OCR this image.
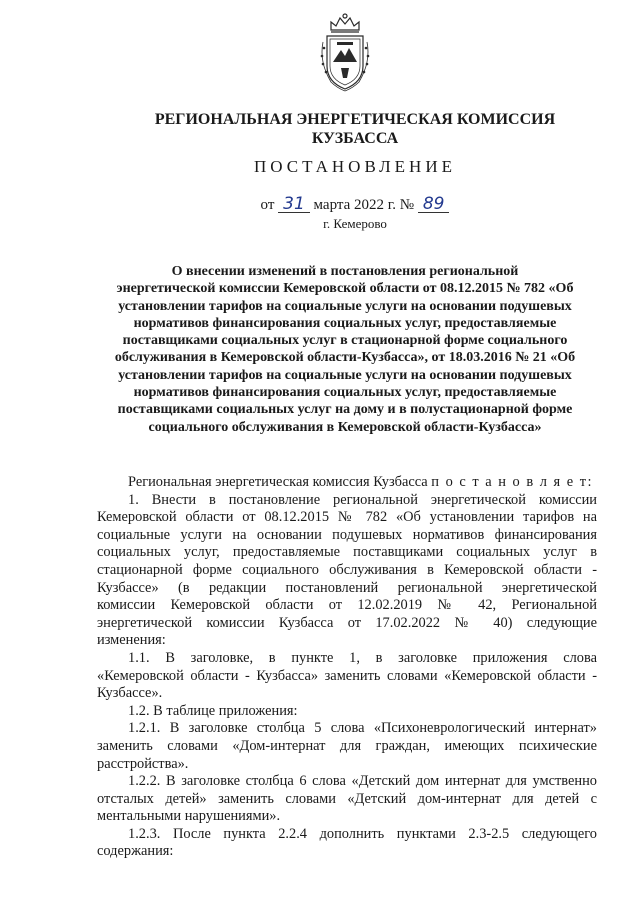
РЕГИОНАЛЬНАЯ ЭНЕРГЕТИЧЕСКАЯ КОМИССИЯ
КУЗБАССА
ПОСТАНОВЛЕНИЕ
от 31 марта 2022 г. № 89
г. Кемерово
О внесении изменений в постановления региональной
энергетической комиссии Кемеровской области от 08.12.2015 № 782 «Об
установлении тарифов на социальные услуги на основании подушевых
нормативов финансирования социальных услуг, предоставляемые
поставщиками социальных услуг в стационарной форме социального
обслуживания в Кемеровской области-Кузбасса», от 18.03.2016 № 21 «Об
установлении тарифов на социальные услуги на основании подушевых
нормативов финансирования социальных услуг, предоставляемые
поставщиками социальных услуг на дому и в полустационарной форме
социального обслуживания в Кемеровской области-Кузбасса»
Региональная энергетическая комиссия Кузбасса п о с т а н о в л я е т:
1. Внести в постановление региональной энергетической комиссии
Кемеровской области от 08.12.2015 № 782 «Об установлении тарифов на
социальные услуги на основании подушевых нормативов финансирования
социальных услуг, предоставляемые поставщиками социальных услуг в
стационарной форме социального обслуживания в Кемеровской области -
Кузбассе» (в редакции постановлений региональной энергетической
комиссии Кемеровской области от 12.02.2019 № 42, Региональной
энергетической комиссии Кузбасса от 17.02.2022 № 40) следующие
изменения:
1.1. В заголовке, в пункте 1, в заголовке приложения слова
«Кемеровской области - Кузбасса» заменить словами «Кемеровской области -
Кузбассе».
1.2. В таблице приложения:
1.2.1. В заголовке столбца 5 слова «Психоневрологический интернат»
заменить словами «Дом-интернат для граждан, имеющих психические
расстройства».
1.2.2. В заголовке столбца 6 слова «Детский дом интернат для умственно
отсталых детей» заменить словами «Детский дом-интернат для детей с
ментальными нарушениями».
1.2.3. После пункта 2.2.4 дополнить пунктами 2.3-2.5 следующего
содержания:
